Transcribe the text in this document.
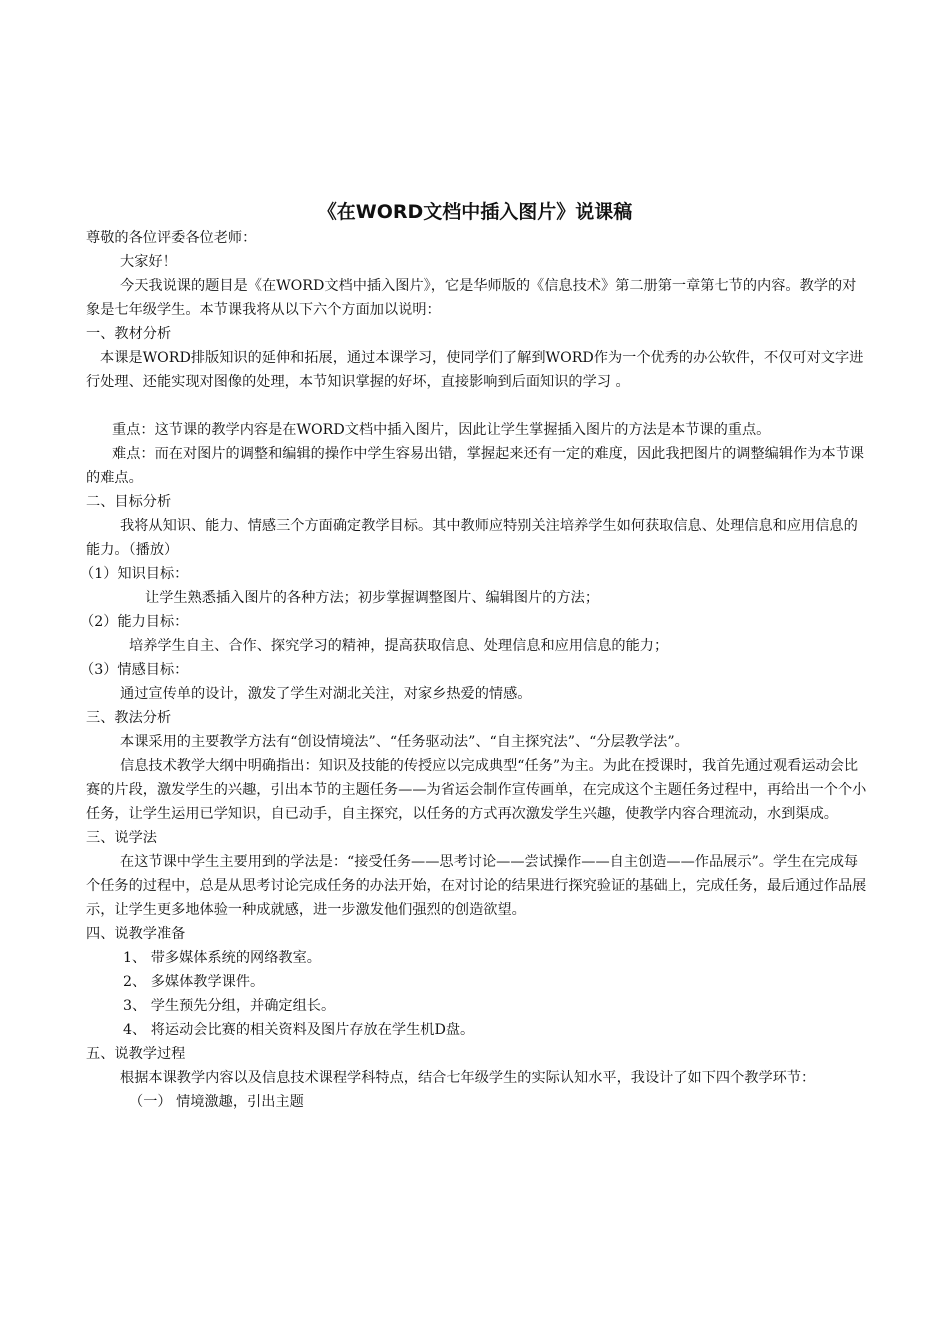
《在WORD文档中插入图片》说课稿

尊敬的各位评委各位老师：

大家好！

今天我说课的题目是《在WORD文档中插入图片》，它是华师版的《信息技术》第二册第一章第七节的内容。教学的对象是七年级学生。本节课我将从以下六个方面加以说明：

一、教材分析

本课是WORD排版知识的延伸和拓展，通过本课学习，使同学们了解到WORD作为一个优秀的办公软件，不仅可对文字进行处理、还能实现对图像的处理，本节知识掌握的好坏，直接影响到后面知识的学习 。

重点：这节课的教学内容是在WORD文档中插入图片，因此让学生掌握插入图片的方法是本节课的重点。

难点：而在对图片的调整和编辑的操作中学生容易出错，掌握起来还有一定的难度，因此我把图片的调整编辑作为本节课的难点。

二、目标分析

我将从知识、能力、情感三个方面确定教学目标。其中教师应特别关注培养学生如何获取信息、处理信息和应用信息的能力。（播放）

（1）知识目标：

让学生熟悉插入图片的各种方法；初步掌握调整图片、编辑图片的方法；

（2）能力目标：

培养学生自主、合作、探究学习的精神，提高获取信息、处理信息和应用信息的能力；

（3）情感目标：

通过宣传单的设计，激发了学生对湖北关注，对家乡热爱的情感。

三、教法分析

本课采用的主要教学方法有“创设情境法”、“任务驱动法”、“自主探究法”、“分层教学法”。

信息技术教学大纲中明确指出：知识及技能的传授应以完成典型“任务”为主。为此在授课时，我首先通过观看运动会比赛的片段，激发学生的兴趣，引出本节的主题任务——为省运会制作宣传画单，在完成这个主题任务过程中，再给出一个个小任务，让学生运用已学知识，自已动手，自主探究，以任务的方式再次激发学生兴趣，使教学内容合理流动，水到渠成。

三、说学法

在这节课中学生主要用到的学法是：“接受任务——思考讨论——尝试操作——自主创造——作品展示”。学生在完成每个任务的过程中，总是从思考讨论完成任务的办法开始，在对讨论的结果进行探究验证的基础上，完成任务，最后通过作品展示，让学生更多地体验一种成就感，进一步激发他们强烈的创造欲望。

四、说教学准备

1、 带多媒体系统的网络教室。

2、 多媒体教学课件。

3、 学生预先分组，并确定组长。

4、 将运动会比赛的相关资料及图片存放在学生机D盘。

五、说教学过程

根据本课教学内容以及信息技术课程学科特点，结合七年级学生的实际认知水平，我设计了如下四个教学环节：

（一） 情境激趣，引出主题
